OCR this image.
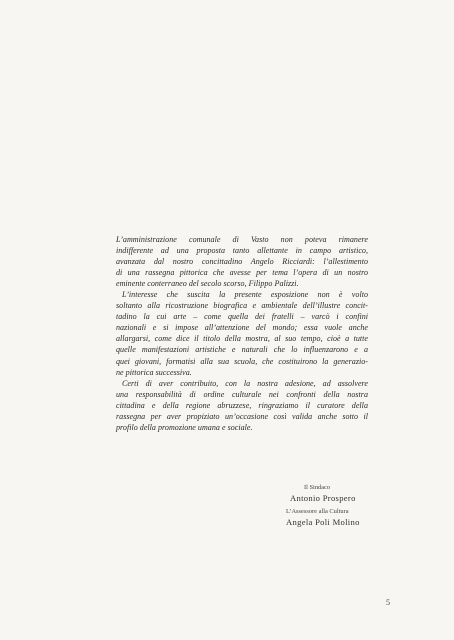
L’amministrazione comunale di Vasto non poteva rimanere
indifferente ad una proposta tanto allettante in campo artistico,
avanzata dal nostro concittadino Angelo Ricciardi: l’allestimento
di una rassegna pittorica che avesse per tema l’opera di un nostro
eminente conterraneo del secolo scorso, Filippo Palizzi.
L’interesse che suscita la presente esposizione non è volto
soltanto alla ricostruzione biografica e ambientale dell’illustre concit-
tadino la cui arte – come quella dei fratelli – varcò i confini
nazionali e si impose all’attenzione del mondo; essa vuole anche
allargarsi, come dice il titolo della mostra, al suo tempo, cioè a tutte
quelle manifestazioni artistiche e naturali che lo influenzarono e a
quei giovani, formatisi alla sua scuola, che costituirono la generazio-
ne pittorica successiva.
Certi di aver contribuito, con la nostra adesione, ad assolvere
una responsabilità di ordine culturale nei confronti della nostra
cittadina e della regione abruzzese, ringraziamo il curatore della
rassegna per aver propiziato un’occasione così valida anche sotto il
profilo della promozione umana e sociale.
Il Sindaco
Antonio Prospero
L’Assessore alla Cultura
Angela Poli Molino
5
